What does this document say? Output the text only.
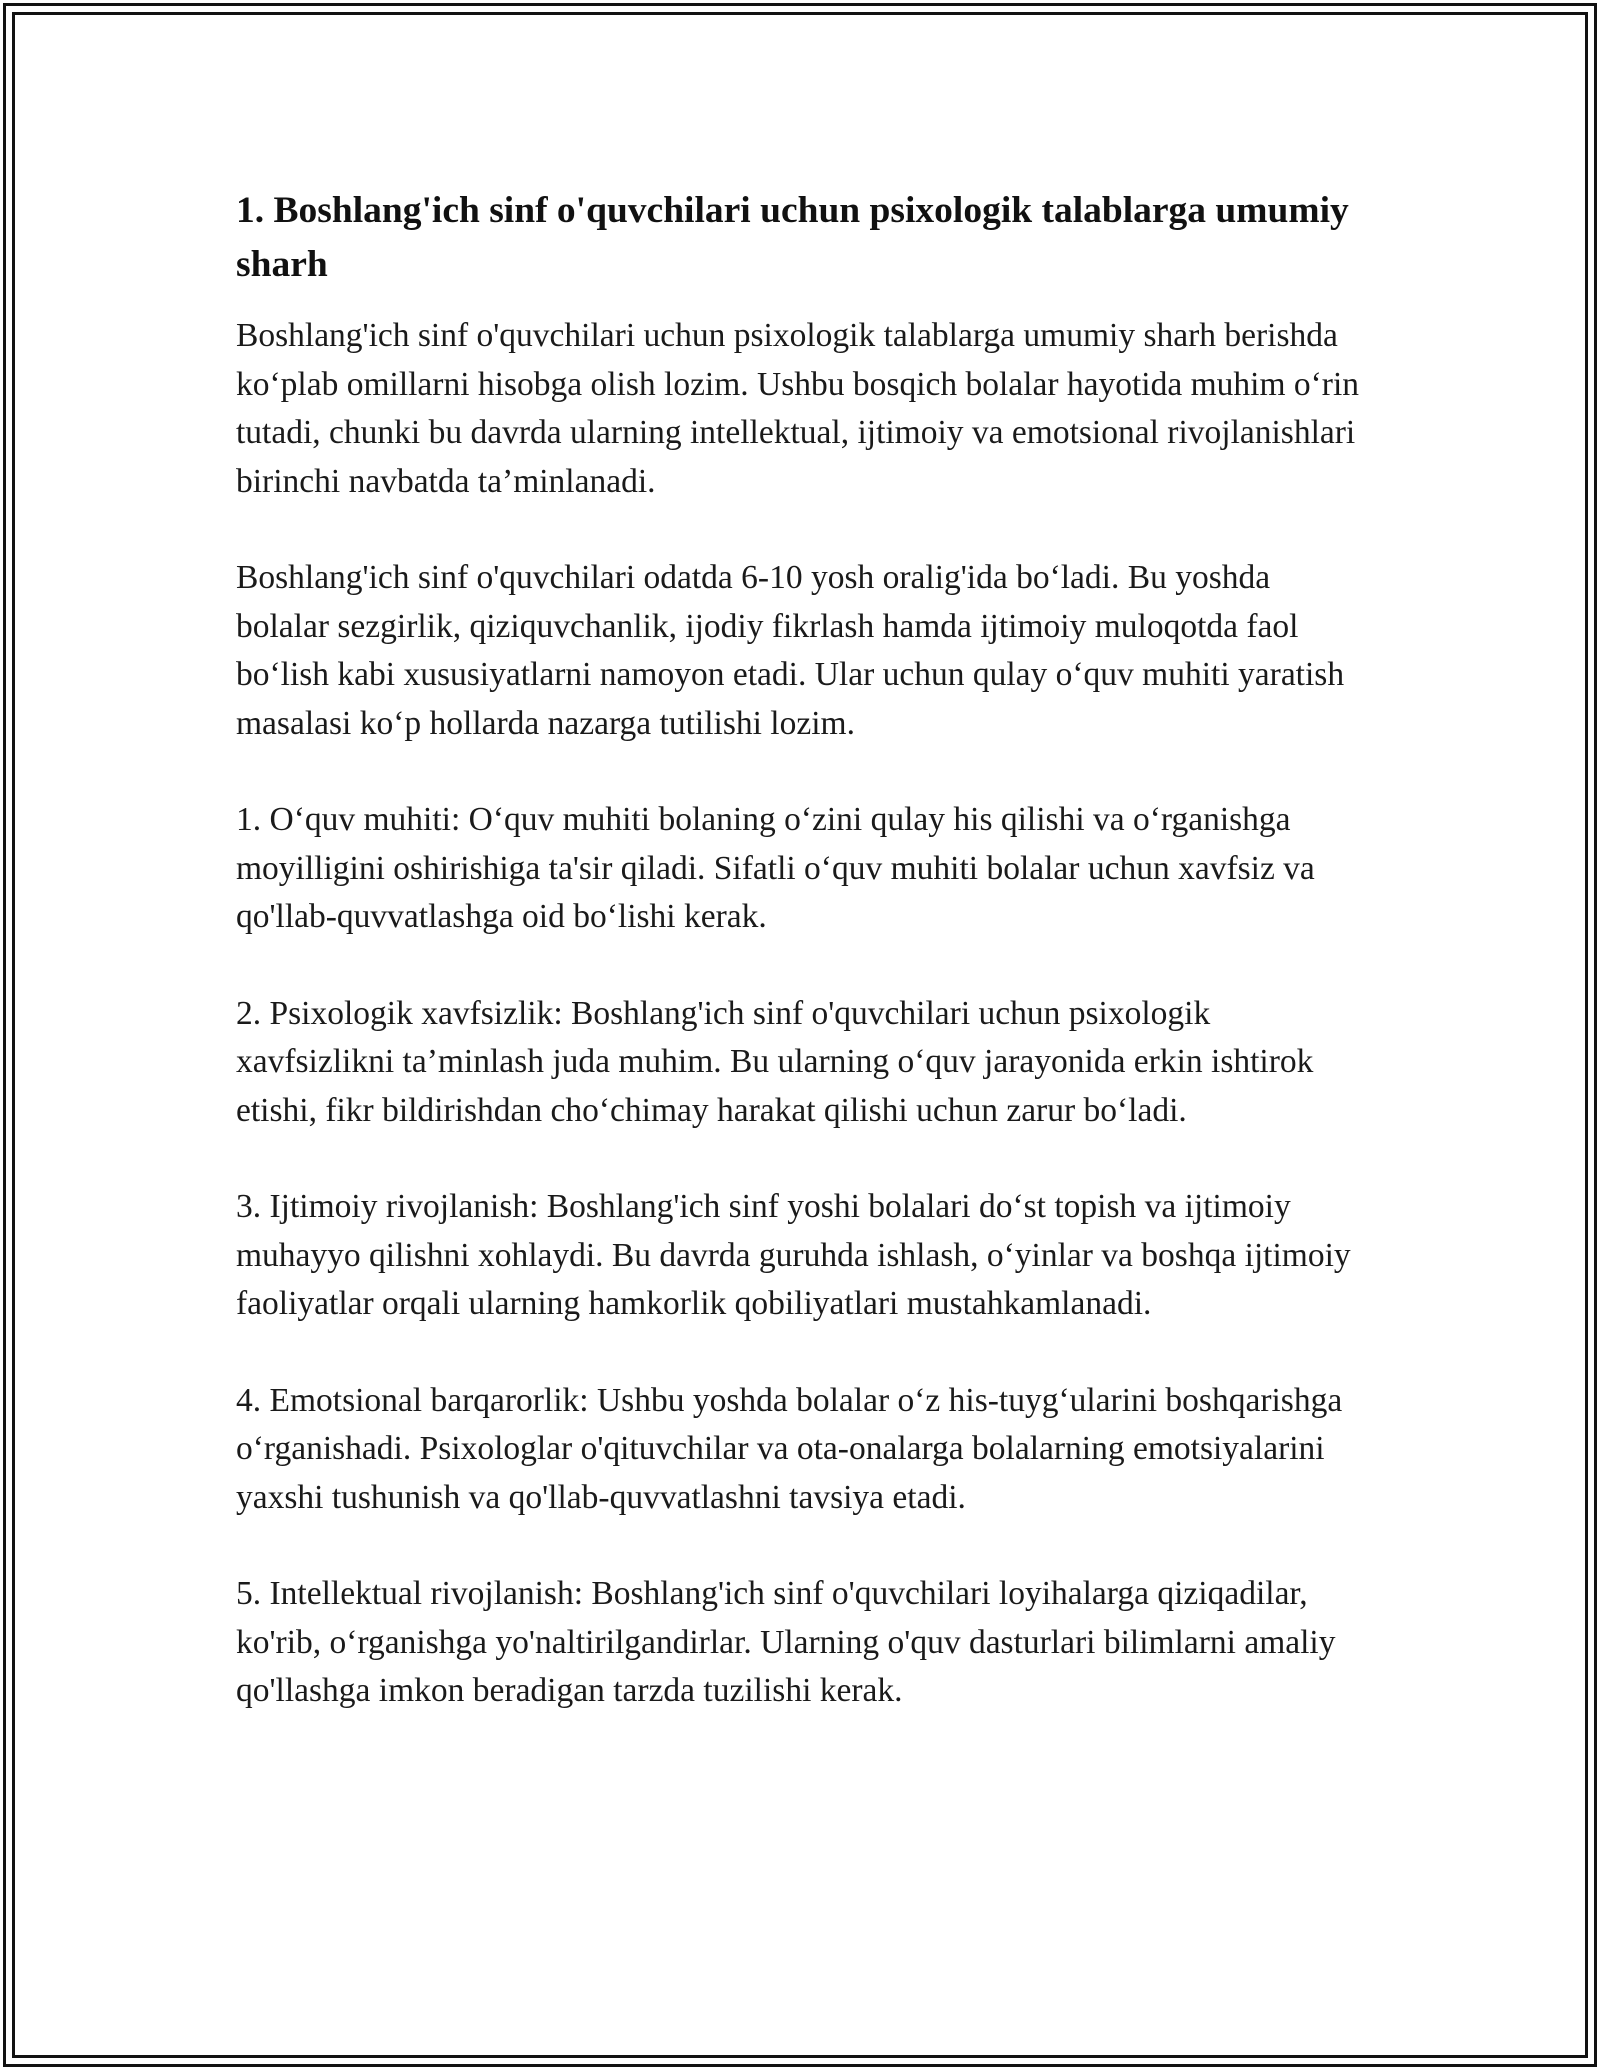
1. Boshlang'ich sinf o'quvchilari uchun psixologik talablarga umumiy sharh

Boshlang'ich sinf o'quvchilari uchun psixologik talablarga umumiy sharh berishda ko‘plab omillarni hisobga olish lozim. Ushbu bosqich bolalar hayotida muhim o‘rin tutadi, chunki bu davrda ularning intellektual, ijtimoiy va emotsional rivojlanishlari birinchi navbatda ta’minlanadi.

Boshlang'ich sinf o'quvchilari odatda 6-10 yosh oralig'ida bo‘ladi. Bu yoshda bolalar sezgirlik, qiziquvchanlik, ijodiy fikrlash hamda ijtimoiy muloqotda faol bo‘lish kabi xususiyatlarni namoyon etadi. Ular uchun qulay o‘quv muhiti yaratish masalasi ko‘p hollarda nazarga tutilishi lozim.

1. O‘quv muhiti: O‘quv muhiti bolaning o‘zini qulay his qilishi va o‘rganishga moyilligini oshirishiga ta'sir qiladi. Sifatli o‘quv muhiti bolalar uchun xavfsiz va qo'llab-quvvatlashga oid bo‘lishi kerak.

2. Psixologik xavfsizlik: Boshlang'ich sinf o'quvchilari uchun psixologik xavfsizlikni ta’minlash juda muhim. Bu ularning o‘quv jarayonida erkin ishtirok etishi, fikr bildirishdan cho‘chimay harakat qilishi uchun zarur bo‘ladi.

3. Ijtimoiy rivojlanish: Boshlang'ich sinf yoshi bolalari do‘st topish va ijtimoiy muhayyo qilishni xohlaydi. Bu davrda guruhda ishlash, o‘yinlar va boshqa ijtimoiy faoliyatlar orqali ularning hamkorlik qobiliyatlari mustahkamlanadi.

4. Emotsional barqarorlik: Ushbu yoshda bolalar o‘z his-tuyg‘ularini boshqarishga o‘rganishadi. Psixologlar o'qituvchilar va ota-onalarga bolalarning emotsiyalarini yaxshi tushunish va qo'llab-quvvatlashni tavsiya etadi.

5. Intellektual rivojlanish: Boshlang'ich sinf o'quvchilari loyihalarga qiziqadilar, ko'rib, o‘rganishga yo'naltirilgandirlar. Ularning o'quv dasturlari bilimlarni amaliy qo'llashga imkon beradigan tarzda tuzilishi kerak.
